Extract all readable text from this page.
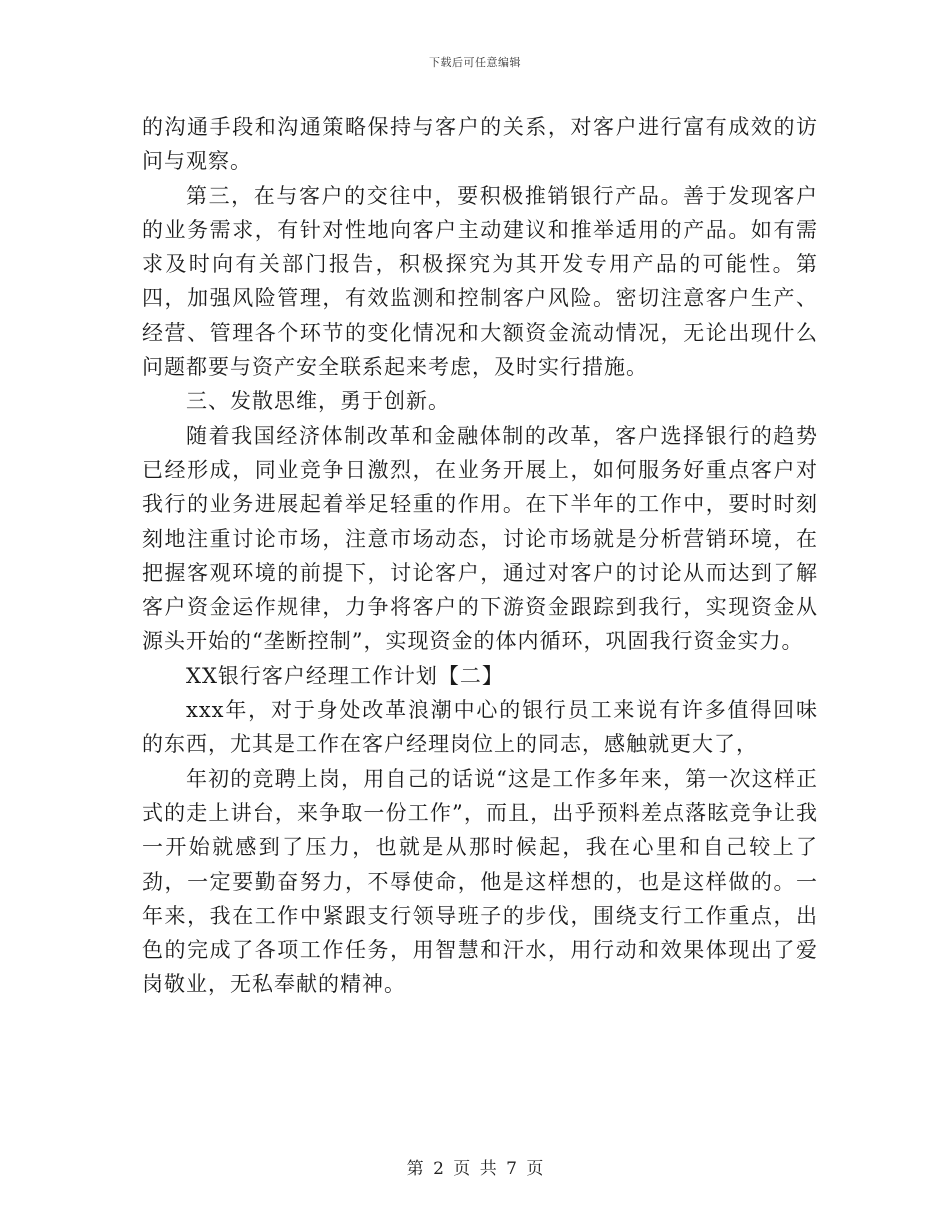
下载后可任意编辑

的沟通手段和沟通策略保持与客户的关系，对客户进行富有成效的访问与观察。

第三，在与客户的交往中，要积极推销银行产品。善于发现客户的业务需求，有针对性地向客户主动建议和推举适用的产品。如有需求及时向有关部门报告，积极探究为其开发专用产品的可能性。第四，加强风险管理，有效监测和控制客户风险。密切注意客户生产、经营、管理各个环节的变化情况和大额资金流动情况，无论出现什么问题都要与资产安全联系起来考虑，及时实行措施。

三、发散思维，勇于创新。

随着我国经济体制改革和金融体制的改革，客户选择银行的趋势已经形成，同业竞争日激烈，在业务开展上，如何服务好重点客户对我行的业务进展起着举足轻重的作用。在下半年的工作中，要时时刻刻地注重讨论市场，注意市场动态，讨论市场就是分析营销环境，在把握客观环境的前提下，讨论客户，通过对客户的讨论从而达到了解客户资金运作规律，力争将客户的下游资金跟踪到我行，实现资金从源头开始的“垄断控制”，实现资金的体内循环，巩固我行资金实力。

XX银行客户经理工作计划【二】

xxx年，对于身处改革浪潮中心的银行员工来说有许多值得回味的东西，尤其是工作在客户经理岗位上的同志，感触就更大了，

年初的竞聘上岗，用自己的话说“这是工作多年来，第一次这样正式的走上讲台，来争取一份工作”，而且，出乎预料差点落眩竞争让我一开始就感到了压力，也就是从那时候起，我在心里和自己较上了劲，一定要勤奋努力，不辱使命，他是这样想的，也是这样做的。一年来，我在工作中紧跟支行领导班子的步伐，围绕支行工作重点，出色的完成了各项工作任务，用智慧和汗水，用行动和效果体现出了爱岗敬业，无私奉献的精神。

第 2 页 共 7 页
